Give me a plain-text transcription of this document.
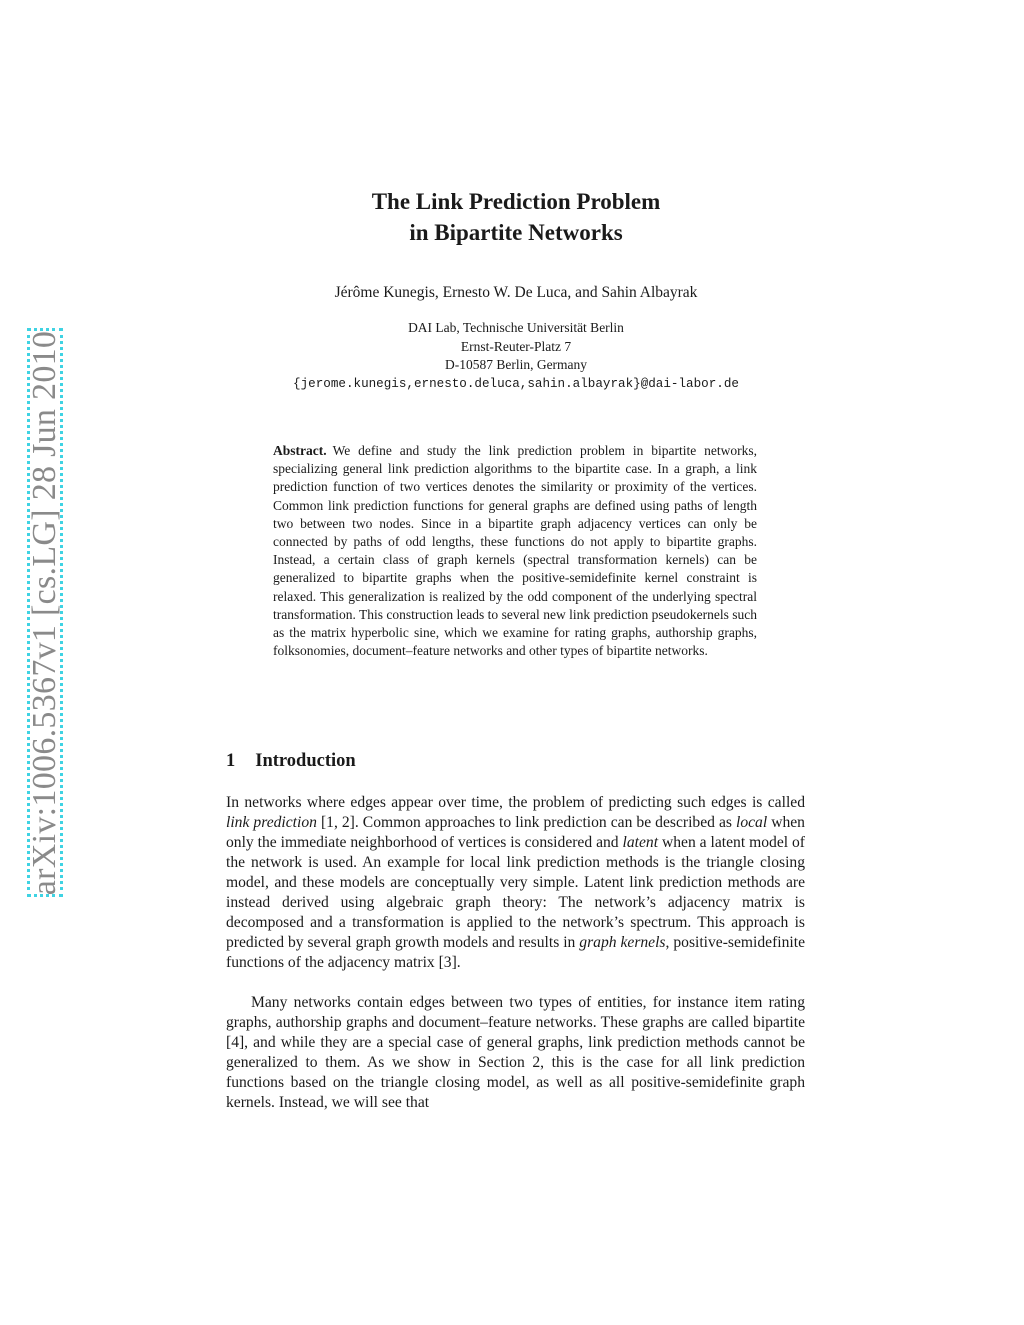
arXiv:1006.5367v1 [cs.LG] 28 Jun 2010
The Link Prediction Problem
in Bipartite Networks
Jérôme Kunegis, Ernesto W. De Luca, and Sahin Albayrak
DAI Lab, Technische Universität Berlin
Ernst-Reuter-Platz 7
D-10587 Berlin, Germany
{jerome.kunegis,ernesto.deluca,sahin.albayrak}@dai-labor.de

Abstract. We define and study the link prediction problem in bipartite networks, specializing general link prediction algorithms to the bipartite case. In a graph, a link prediction function of two vertices denotes the similarity or proximity of the vertices. Common link prediction functions for general graphs are defined using paths of length two between two nodes. Since in a bipartite graph adjacency vertices can only be connected by paths of odd lengths, these functions do not apply to bipartite graphs. Instead, a certain class of graph kernels (spectral transformation kernels) can be generalized to bipartite graphs when the positive-semidefinite kernel constraint is relaxed. This generalization is realized by the odd component of the underlying spectral transformation. This construction leads to several new link prediction pseudokernels such as the matrix hyperbolic sine, which we examine for rating graphs, authorship graphs, folksonomies, document–feature networks and other types of bipartite networks.

1 Introduction

In networks where edges appear over time, the problem of predicting such edges is called link prediction [1, 2]. Common approaches to link prediction can be described as local when only the immediate neighborhood of vertices is considered and latent when a latent model of the network is used. An example for local link prediction methods is the triangle closing model, and these models are conceptually very simple. Latent link prediction methods are instead derived using algebraic graph theory: The network’s adjacency matrix is decomposed and a transformation is applied to the network’s spectrum. This approach is predicted by several graph growth models and results in graph kernels, positive-semidefinite functions of the adjacency matrix [3].

Many networks contain edges between two types of entities, for instance item rating graphs, authorship graphs and document–feature networks. These graphs are called bipartite [4], and while they are a special case of general graphs, link prediction methods cannot be generalized to them. As we show in Section 2, this is the case for all link prediction functions based on the triangle closing model, as well as all positive-semidefinite graph kernels. Instead, we will see that
